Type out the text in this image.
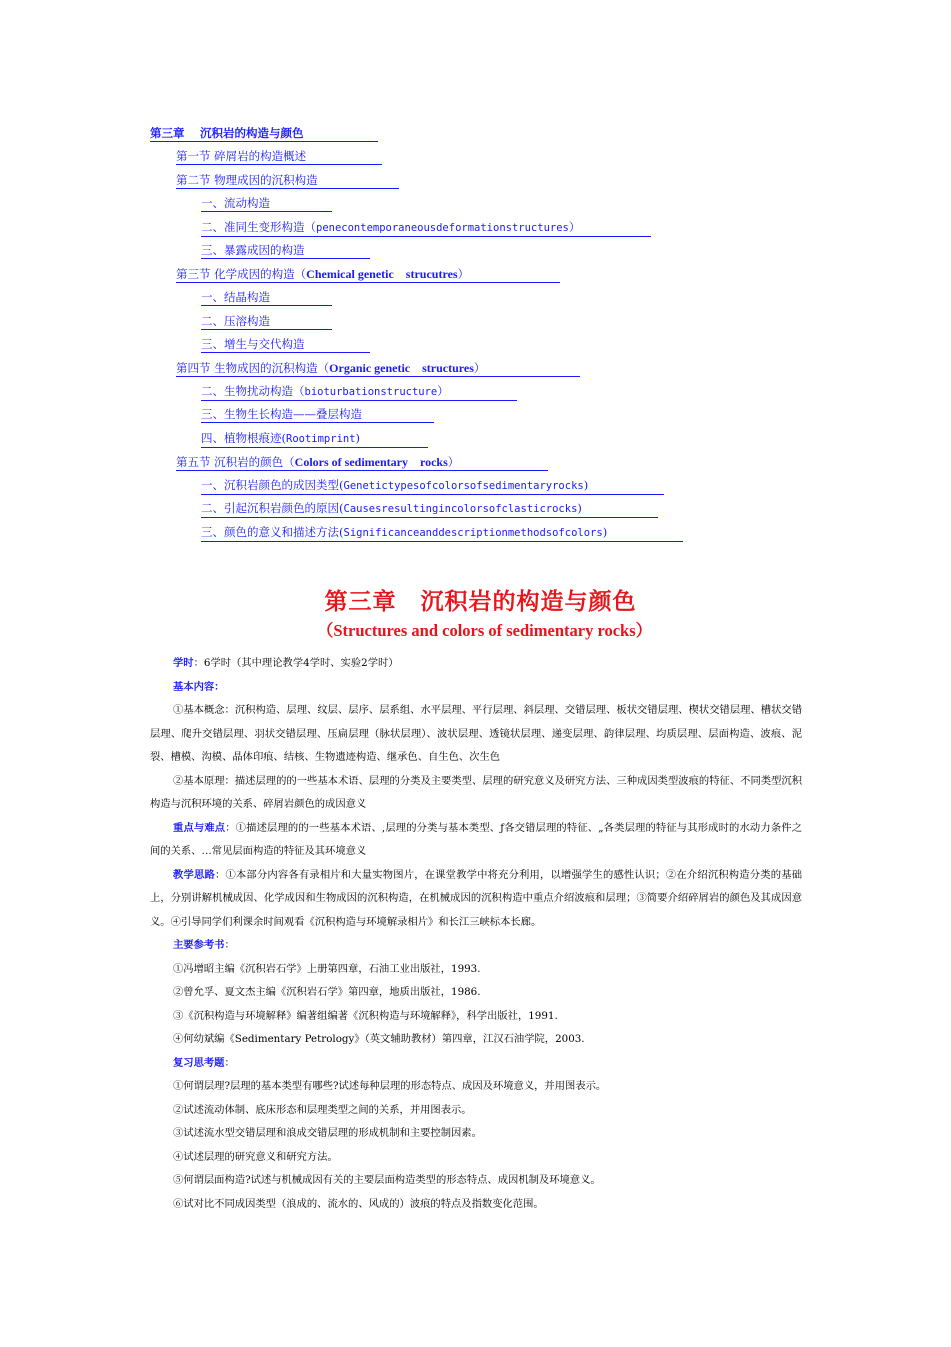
第三章　 沉积岩的构造与颜色
第一节 碎屑岩的构造概述
第二节 物理成因的沉积构造
一、流动构造
二、准同生变形构造（penecontemporaneousdeformationstructures）
三、暴露成因的构造
第三节 化学成因的构造（Chemical genetic　strucutres）
一、结晶构造
二、压溶构造
三、增生与交代构造
第四节 生物成因的沉积构造（Organic genetic　structures）
二、生物扰动构造（bioturbationstructure）
三、生物生长构造——叠层构造
四、植物根痕迹(Rootimprint)
第五节 沉积岩的颜色（Colors of sedimentary　rocks）
一、沉积岩颜色的成因类型(Genetictypesofcolorsofsedimentaryrocks)
二、引起沉积岩颜色的原因(Causesresultingincolorsofclasticrocks)
三、颜色的意义和描述方法(Significanceanddescriptionmethodsofcolors)
第三章　沉积岩的构造与颜色
（Structures and colors of sedimentary rocks）

学时：6学时（其中理论教学4学时、实验2学时）

基本内容：

①基本概念：沉积构造、层理、纹层、层序、层系组、水平层理、平行层理、斜层理、交错层理、板状交错层理、楔状交错层理、槽状交错层理、爬升交错层理、羽状交错层理、压扁层理（脉状层理）、波状层理、透镜状层理、递变层理、韵律层理、均质层理、层面构造、波痕、泥裂、槽模、沟模、晶体印痕、结核、生物遗迹构造、继承色、自生色、次生色

②基本原理：描述层理的的一些基本术语、层理的分类及主要类型、层理的研究意义及研究方法、三种成因类型波痕的特征、不同类型沉积构造与沉积环境的关系、碎屑岩颜色的成因意义

重点与难点：①描述层理的的一些基本术语、,层理的分类与基本类型、ƒ各交错层理的特征、„各类层理的特征与其形成时的水动力条件之间的关系、…常见层面构造的特征及其环境意义

教学思路：①本部分内容各有录相片和大量实物图片，在课堂教学中将充分利用，以增强学生的感性认识；②在介绍沉积构造分类的基础上，分别讲解机械成因、化学成因和生物成因的沉积构造，在机械成因的沉积构造中重点介绍波痕和层理；③简要介绍碎屑岩的颜色及其成因意义。④引导同学们利课余时间观看《沉积构造与环境解录相片》和长江三峡标本长廊。

主要参考书：

①冯增昭主编《沉积岩石学》上册第四章，石油工业出版社，1993.

②曾允孚、夏文杰主编《沉积岩石学》第四章，地质出版社，1986.

③《沉积构造与环境解释》编著组编著《沉积构造与环境解释》，科学出版社，1991.

④何幼斌编《Sedimentary Petrology》（英文辅助教材）第四章，江汉石油学院，2003.

复习思考题：

①何谓层理?层理的基本类型有哪些?试述每种层理的形态特点、成因及环境意义，并用图表示。

②试述流动体制、底床形态和层理类型之间的关系，并用图表示。

③试述流水型交错层理和浪成交错层理的形成机制和主要控制因素。

④试述层理的研究意义和研究方法。

⑤何谓层面构造?试述与机械成因有关的主要层面构造类型的形态特点、成因机制及环境意义。

⑥试对比不同成因类型（浪成的、流水的、风成的）波痕的特点及指数变化范围。
